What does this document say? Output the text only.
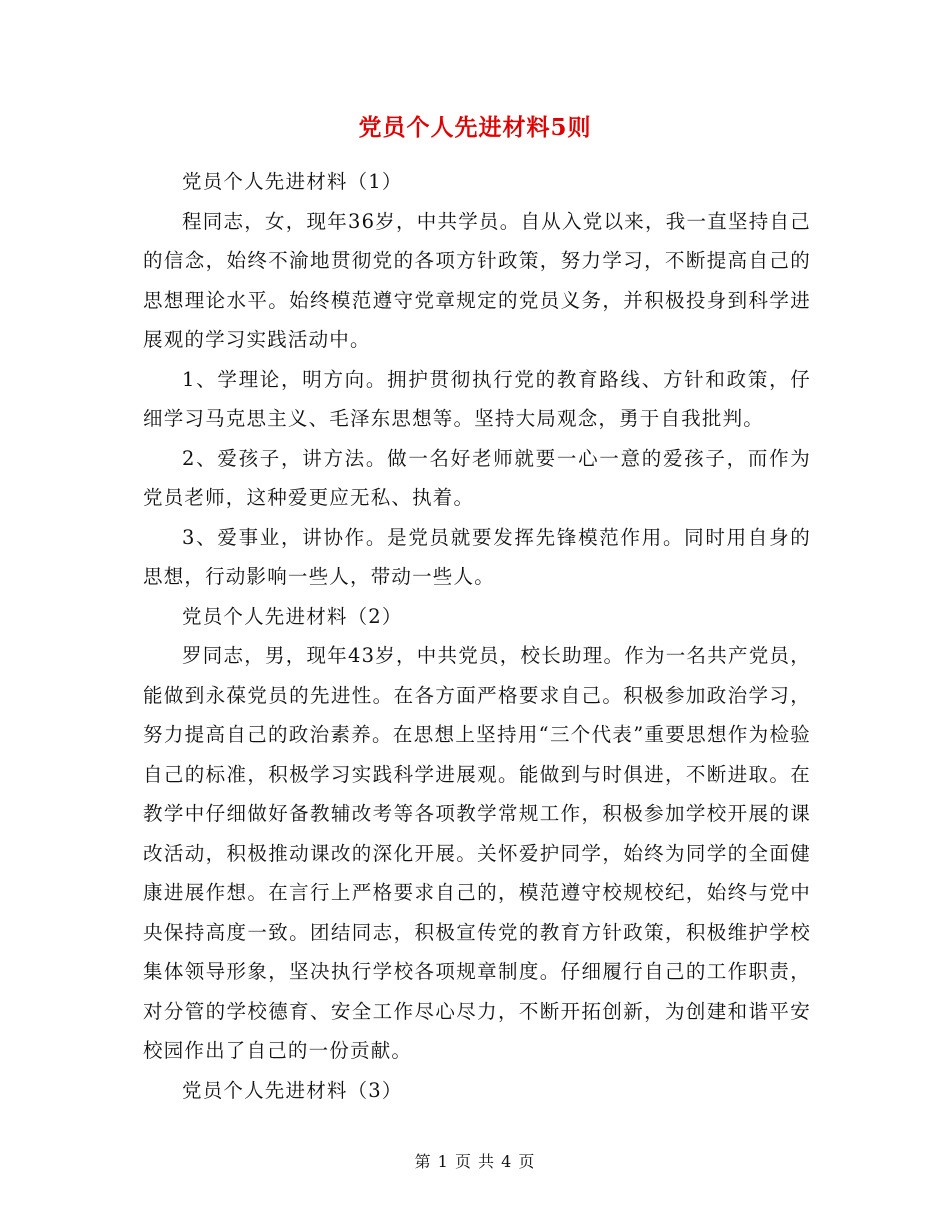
党员个人先进材料5则

党员个人先进材料（1）

程同志，女，现年36岁，中共学员。自从入党以来，我一直坚持自己的信念，始终不渝地贯彻党的各项方针政策，努力学习，不断提高自己的思想理论水平。始终模范遵守党章规定的党员义务，并积极投身到科学进展观的学习实践活动中。

1、学理论，明方向。拥护贯彻执行党的教育路线、方针和政策，仔细学习马克思主义、毛泽东思想等。坚持大局观念，勇于自我批判。

2、爱孩子，讲方法。做一名好老师就要一心一意的爱孩子，而作为党员老师，这种爱更应无私、执着。

3、爱事业，讲协作。是党员就要发挥先锋模范作用。同时用自身的思想，行动影响一些人，带动一些人。

党员个人先进材料（2）

罗同志，男，现年43岁，中共党员，校长助理。作为一名共产党员，能做到永葆党员的先进性。在各方面严格要求自己。积极参加政治学习，努力提高自己的政治素养。在思想上坚持用“三个代表”重要思想作为检验自己的标准，积极学习实践科学进展观。能做到与时俱进，不断进取。在教学中仔细做好备教辅改考等各项教学常规工作，积极参加学校开展的课改活动，积极推动课改的深化开展。关怀爱护同学，始终为同学的全面健康进展作想。在言行上严格要求自己的，模范遵守校规校纪，始终与党中央保持高度一致。团结同志，积极宣传党的教育方针政策，积极维护学校集体领导形象，坚决执行学校各项规章制度。仔细履行自己的工作职责，对分管的学校德育、安全工作尽心尽力，不断开拓创新，为创建和谐平安校园作出了自己的一份贡献。

党员个人先进材料（3）

第 1 页 共 4 页
